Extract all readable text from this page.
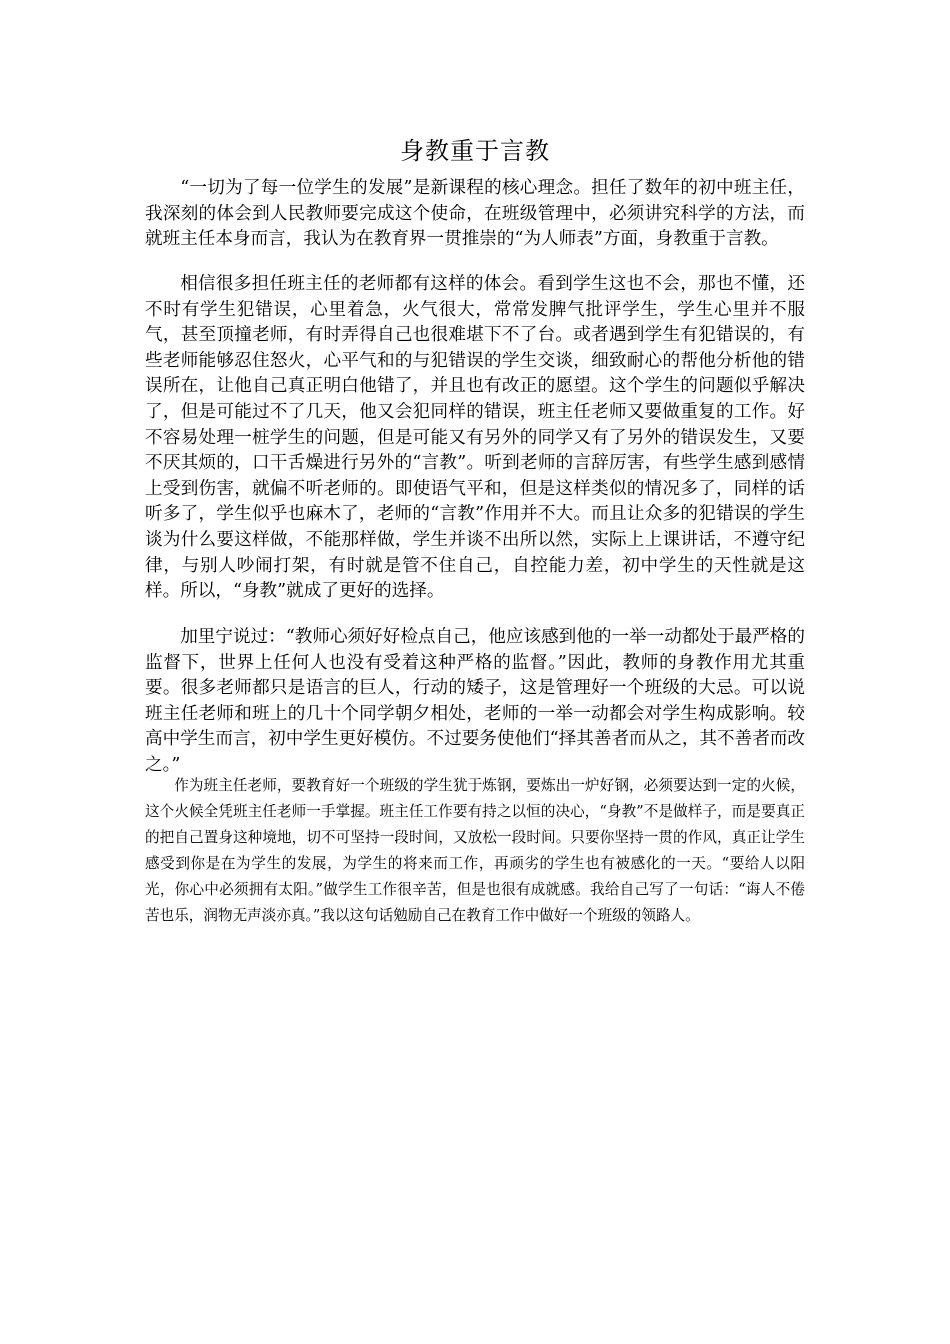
身教重于言教

“一切为了每一位学生的发展”是新课程的核心理念。担任了数年的初中班主任，我深刻的体会到人民教师要完成这个使命，在班级管理中，必须讲究科学的方法，而就班主任本身而言，我认为在教育界一贯推崇的“为人师表”方面，身教重于言教。

相信很多担任班主任的老师都有这样的体会。看到学生这也不会，那也不懂，还不时有学生犯错误，心里着急，火气很大，常常发脾气批评学生，学生心里并不服气，甚至顶撞老师，有时弄得自己也很难堪下不了台。或者遇到学生有犯错误的，有些老师能够忍住怒火，心平气和的与犯错误的学生交谈，细致耐心的帮他分析他的错误所在，让他自己真正明白他错了，并且也有改正的愿望。这个学生的问题似乎解决了，但是可能过不了几天，他又会犯同样的错误，班主任老师又要做重复的工作。好不容易处理一桩学生的问题，但是可能又有另外的同学又有了另外的错误发生，又要不厌其烦的，口干舌燥进行另外的“言教”。听到老师的言辞厉害，有些学生感到感情上受到伤害，就偏不听老师的。即使语气平和，但是这样类似的情况多了，同样的话听多了，学生似乎也麻木了，老师的“言教”作用并不大。而且让众多的犯错误的学生谈为什么要这样做，不能那样做，学生并谈不出所以然，实际上上课讲话，不遵守纪律，与别人吵闹打架，有时就是管不住自己，自控能力差，初中学生的天性就是这样。所以，“身教”就成了更好的选择。

加里宁说过：“教师心须好好检点自己，他应该感到他的一举一动都处于最严格的监督下，世界上任何人也没有受着这种严格的监督。”因此，教师的身教作用尤其重要。很多老师都只是语言的巨人，行动的矮子，这是管理好一个班级的大忌。可以说班主任老师和班上的几十个同学朝夕相处，老师的一举一动都会对学生构成影响。较高中学生而言，初中学生更好模仿。不过要务使他们“择其善者而从之，其不善者而改之。”

作为班主任老师，要教育好一个班级的学生犹于炼钢，要炼出一炉好钢，必须要达到一定的火候，这个火候全凭班主任老师一手掌握。班主任工作要有持之以恒的决心，“身教”不是做样子，而是要真正的把自己置身这种境地，切不可坚持一段时间，又放松一段时间。只要你坚持一贯的作风，真正让学生感受到你是在为学生的发展，为学生的将来而工作，再顽劣的学生也有被感化的一天。“要给人以阳光，你心中必须拥有太阳。”做学生工作很辛苦，但是也很有成就感。我给自己写了一句话：“诲人不倦苦也乐，润物无声淡亦真。”我以这句话勉励自己在教育工作中做好一个班级的领路人。
